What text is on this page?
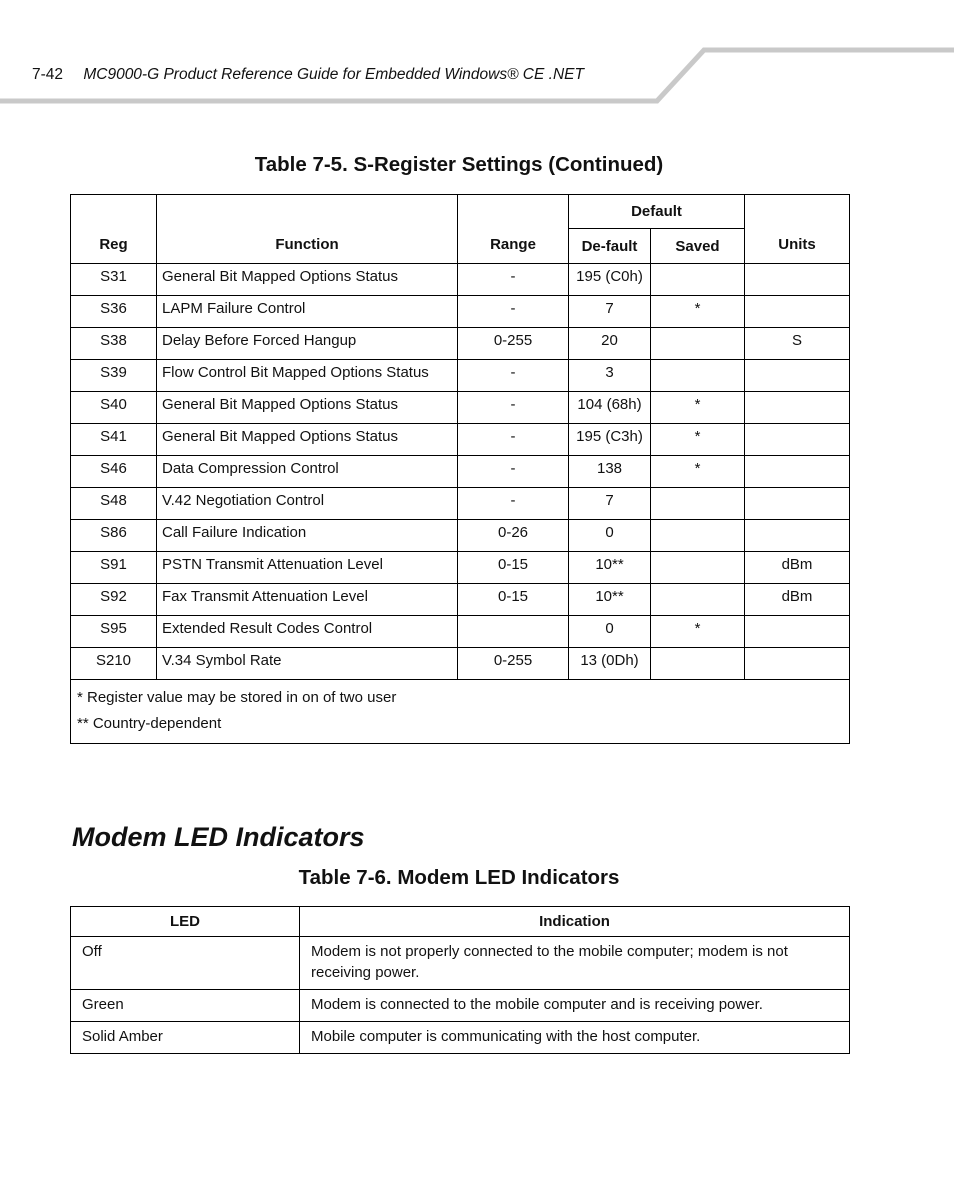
7-42 MC9000-G Product Reference Guide for Embedded Windows® CE .NET
Table 7-5. S-Register Settings (Continued)
Reg	Function	Range	Default		Units
			De-fault	Saved	
S31	General Bit Mapped Options Status	-	195 (C0h)		
S36	LAPM Failure Control	-	7	*	
S38	Delay Before Forced Hangup	0-255	20		S
S39	Flow Control Bit Mapped Options Status	-	3		
S40	General Bit Mapped Options Status	-	104 (68h)	*	
S41	General Bit Mapped Options Status	-	195 (C3h)	*	
S46	Data Compression Control	-	138	*	
S48	V.42 Negotiation Control	-	7		
S86	Call Failure Indication	0-26	0		
S91	PSTN Transmit Attenuation Level	0-15	10**		dBm
S92	Fax Transmit Attenuation Level	0-15	10**		dBm
S95	Extended Result Codes Control		0	*	
S210	V.34 Symbol Rate	0-255	13 (0Dh)		

* Register value may be stored in on of two user
** Country-dependent					
Modem LED Indicators
Table 7-6. Modem LED Indicators
LED	Indication
Off	Modem is not properly connected to the mobile computer; modem is not receiving power.
Green	Modem is connected to the mobile computer and is receiving power.
Solid Amber	Mobile computer is communicating with the host computer.
